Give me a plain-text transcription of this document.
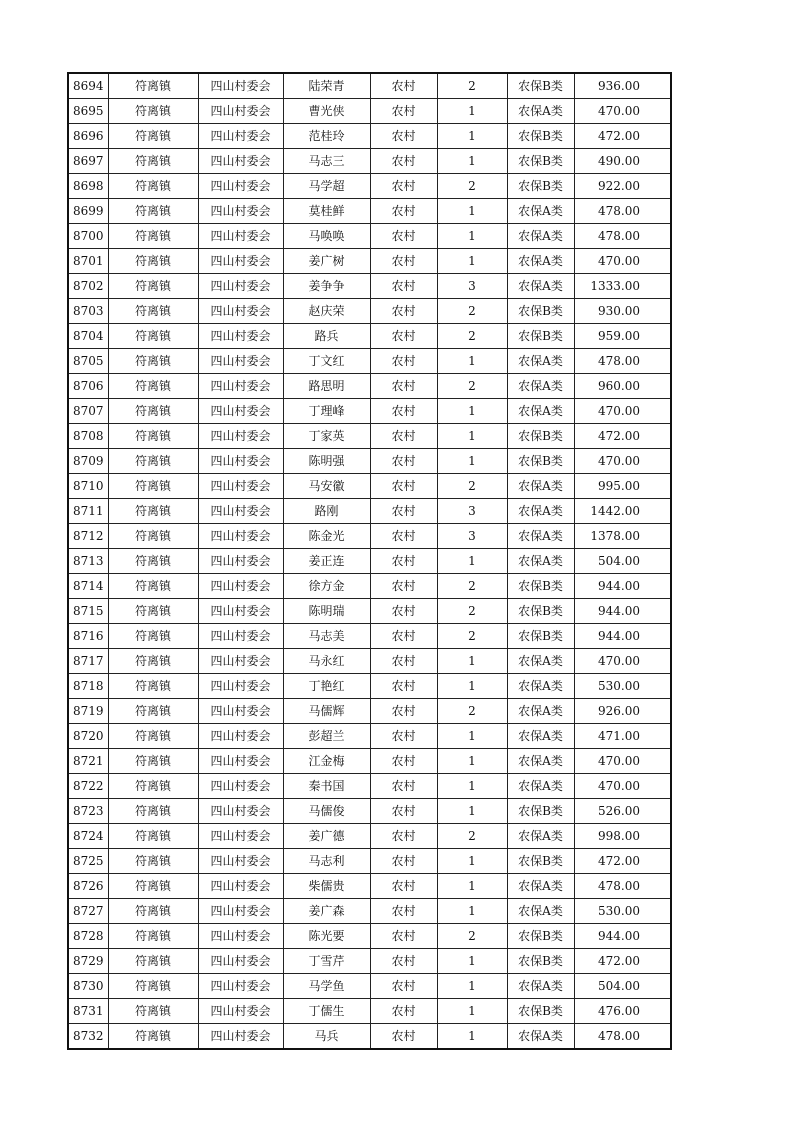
8694	符离镇	四山村委会	陆荣青	农村	2	农保B类	936.00
8695	符离镇	四山村委会	曹光侠	农村	1	农保A类	470.00
8696	符离镇	四山村委会	范桂玲	农村	1	农保B类	472.00
8697	符离镇	四山村委会	马志三	农村	1	农保B类	490.00
8698	符离镇	四山村委会	马学超	农村	2	农保B类	922.00
8699	符离镇	四山村委会	莫桂鲜	农村	1	农保A类	478.00
8700	符离镇	四山村委会	马唤唤	农村	1	农保A类	478.00
8701	符离镇	四山村委会	姜广树	农村	1	农保A类	470.00
8702	符离镇	四山村委会	姜争争	农村	3	农保A类	1333.00
8703	符离镇	四山村委会	赵庆荣	农村	2	农保B类	930.00
8704	符离镇	四山村委会	路兵	农村	2	农保B类	959.00
8705	符离镇	四山村委会	丁文红	农村	1	农保A类	478.00
8706	符离镇	四山村委会	路思明	农村	2	农保A类	960.00
8707	符离镇	四山村委会	丁理峰	农村	1	农保A类	470.00
8708	符离镇	四山村委会	丁家英	农村	1	农保B类	472.00
8709	符离镇	四山村委会	陈明强	农村	1	农保B类	470.00
8710	符离镇	四山村委会	马安徽	农村	2	农保A类	995.00
8711	符离镇	四山村委会	路刚	农村	3	农保A类	1442.00
8712	符离镇	四山村委会	陈金光	农村	3	农保A类	1378.00
8713	符离镇	四山村委会	姜正连	农村	1	农保A类	504.00
8714	符离镇	四山村委会	徐方金	农村	2	农保B类	944.00
8715	符离镇	四山村委会	陈明瑞	农村	2	农保B类	944.00
8716	符离镇	四山村委会	马志美	农村	2	农保B类	944.00
8717	符离镇	四山村委会	马永红	农村	1	农保A类	470.00
8718	符离镇	四山村委会	丁艳红	农村	1	农保A类	530.00
8719	符离镇	四山村委会	马儒辉	农村	2	农保A类	926.00
8720	符离镇	四山村委会	彭超兰	农村	1	农保A类	471.00
8721	符离镇	四山村委会	江金梅	农村	1	农保A类	470.00
8722	符离镇	四山村委会	秦书国	农村	1	农保A类	470.00
8723	符离镇	四山村委会	马儒俊	农村	1	农保B类	526.00
8724	符离镇	四山村委会	姜广德	农村	2	农保A类	998.00
8725	符离镇	四山村委会	马志利	农村	1	农保B类	472.00
8726	符离镇	四山村委会	柴儒贵	农村	1	农保A类	478.00
8727	符离镇	四山村委会	姜广森	农村	1	农保A类	530.00
8728	符离镇	四山村委会	陈光要	农村	2	农保B类	944.00
8729	符离镇	四山村委会	丁雪芹	农村	1	农保B类	472.00
8730	符离镇	四山村委会	马学鱼	农村	1	农保A类	504.00
8731	符离镇	四山村委会	丁儒生	农村	1	农保B类	476.00
8732	符离镇	四山村委会	马兵	农村	1	农保A类	478.00
